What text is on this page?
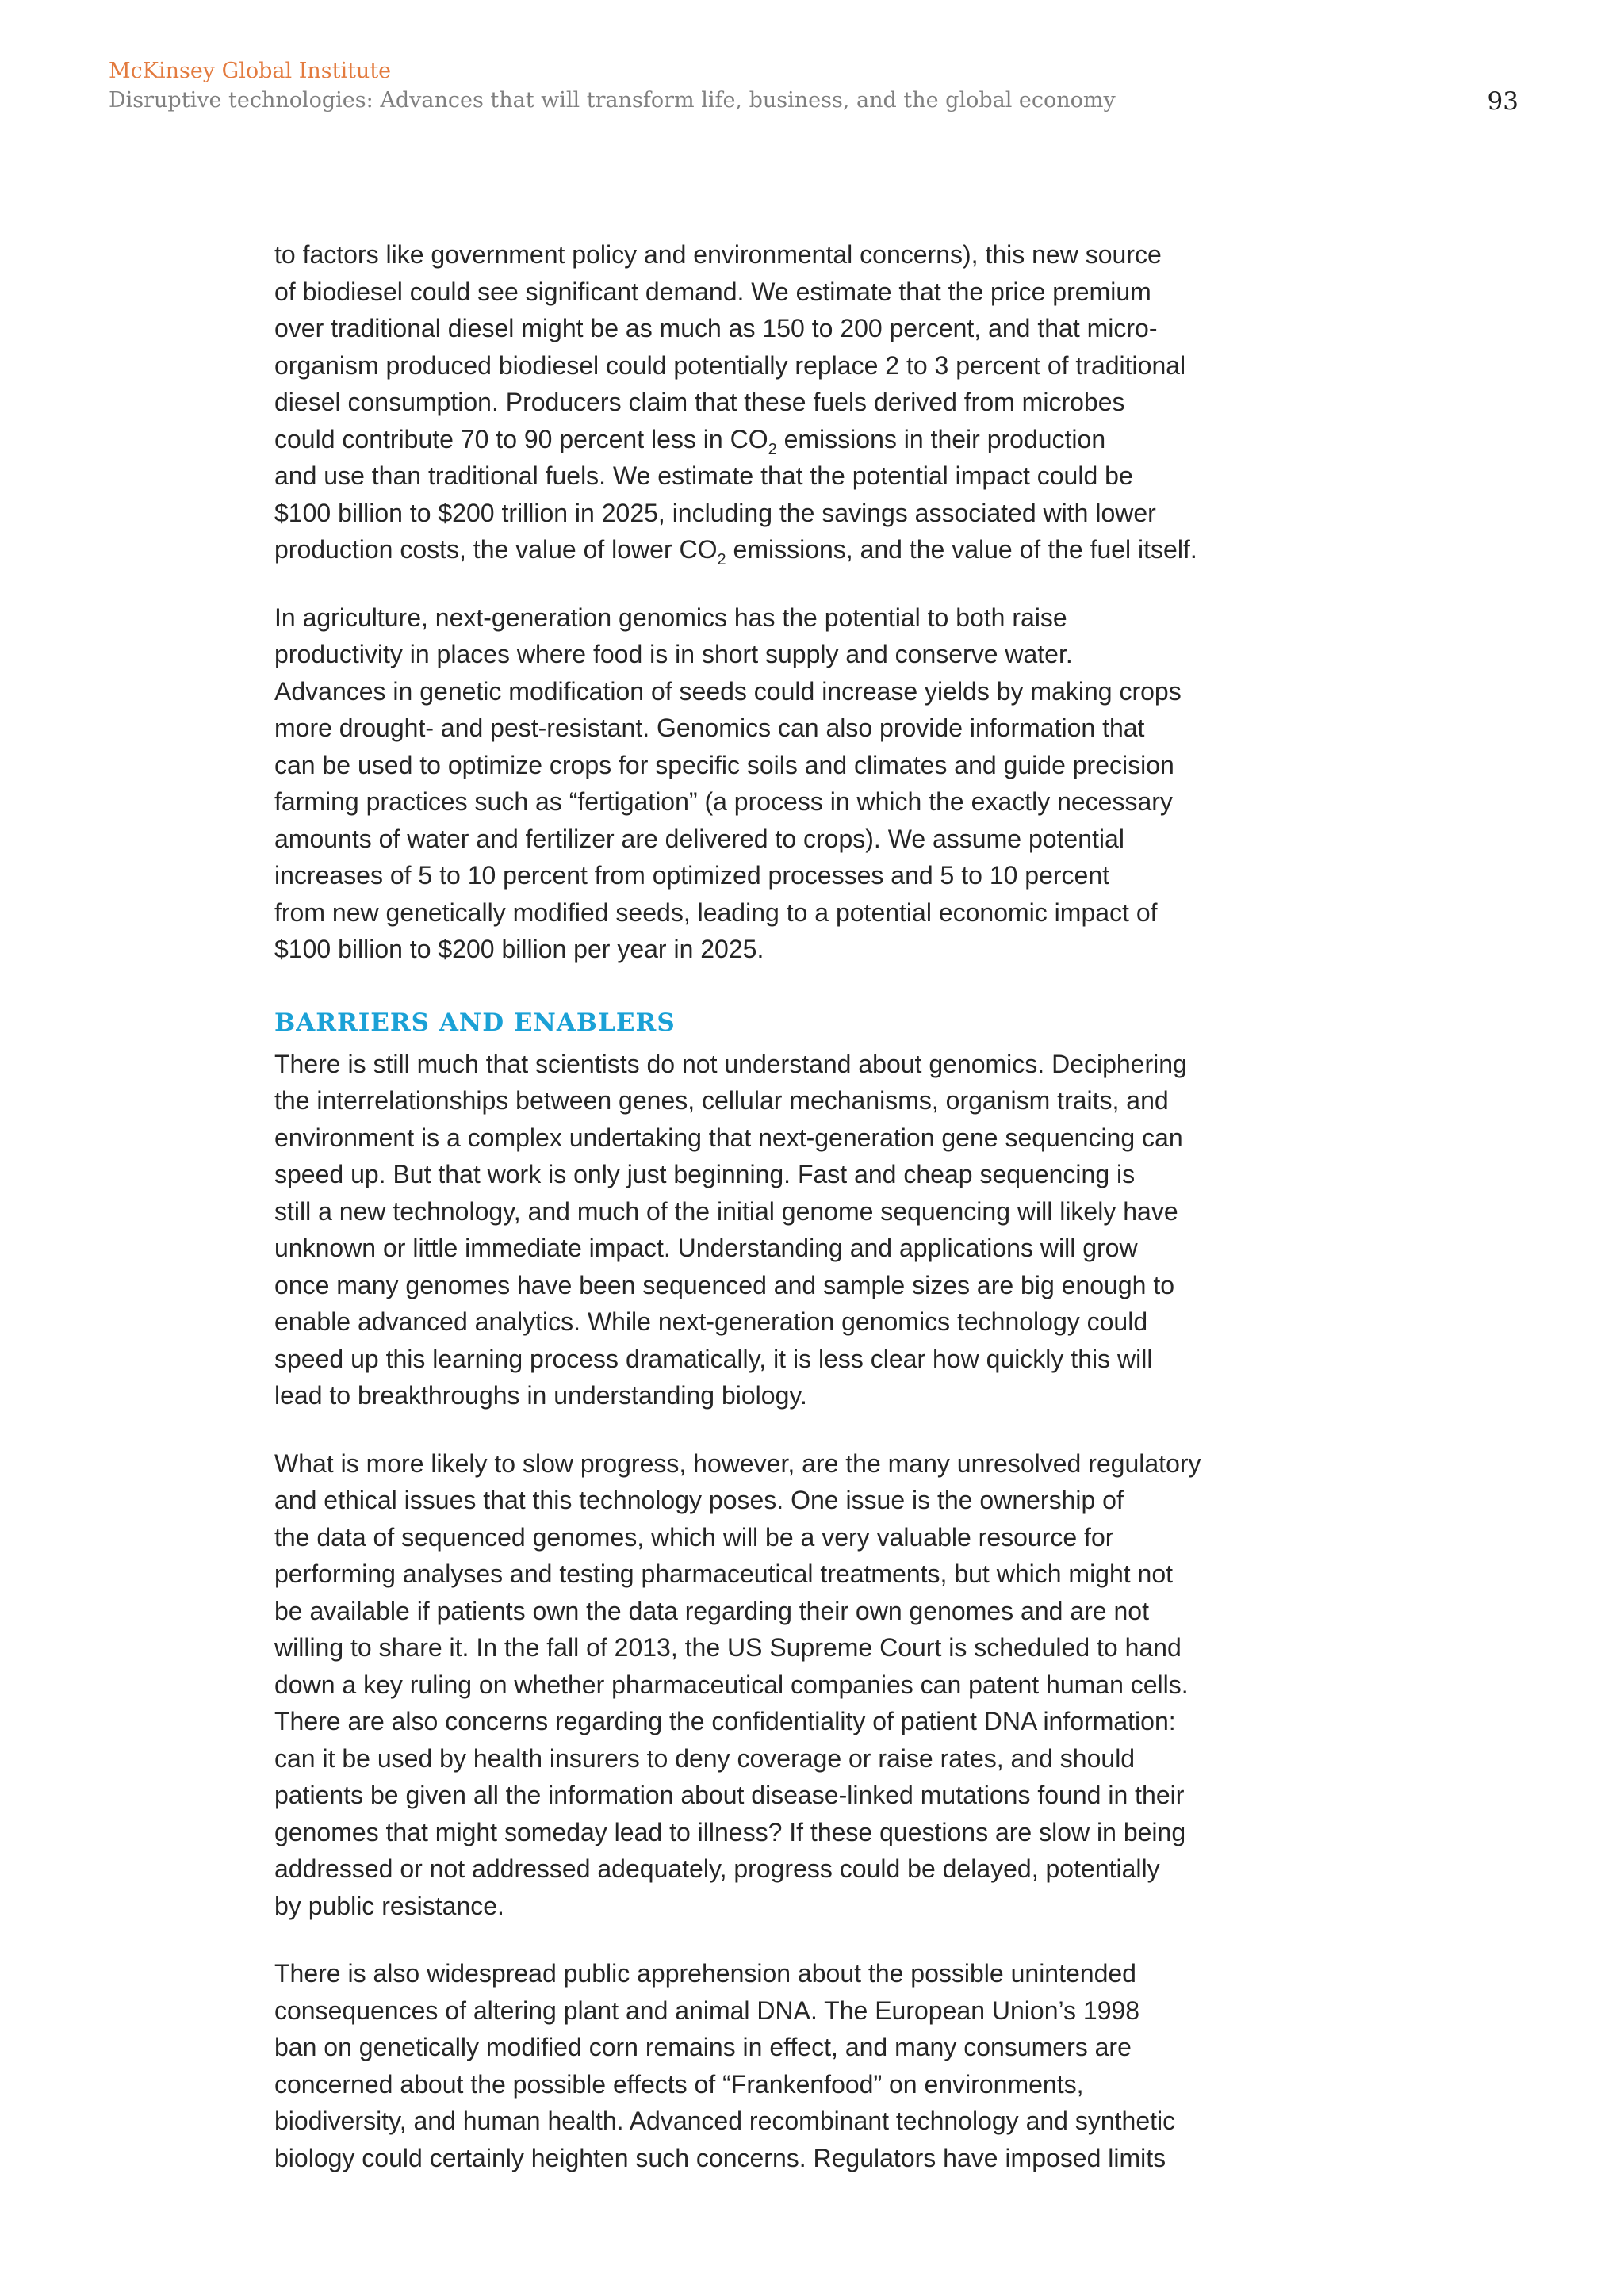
McKinsey Global Institute
Disruptive technologies: Advances that will transform life, business, and the global economy	93
to factors like government policy and environmental concerns), this new source
of biodiesel could see significant demand. We estimate that the price premium
over traditional diesel might be as much as 150 to 200 percent, and that micro-
organism produced biodiesel could potentially replace 2 to 3 percent of traditional
diesel consumption. Producers claim that these fuels derived from microbes
could contribute 70 to 90 percent less in $CO_2$ emissions in their production
and use than traditional fuels. We estimate that the potential impact could be
$100 billion to $200 trillion in 2025, including the savings associated with lower
production costs, the value of lower $CO_2$ emissions, and the value of the fuel itself.
In agriculture, next-generation genomics has the potential to both raise
productivity in places where food is in short supply and conserve water.
Advances in genetic modification of seeds could increase yields by making crops
more drought- and pest-resistant. Genomics can also provide information that
can be used to optimize crops for specific soils and climates and guide precision
farming practices such as “fertigation” (a process in which the exactly necessary
amounts of water and fertilizer are delivered to crops). We assume potential
increases of 5 to 10 percent from optimized processes and 5 to 10 percent
from new genetically modified seeds, leading to a potential economic impact of
$100 billion to $200 billion per year in 2025.
BARRIERS AND ENABLERS
There is still much that scientists do not understand about genomics. Deciphering
the interrelationships between genes, cellular mechanisms, organism traits, and
environment is a complex undertaking that next-generation gene sequencing can
speed up. But that work is only just beginning. Fast and cheap sequencing is
still a new technology, and much of the initial genome sequencing will likely have
unknown or little immediate impact. Understanding and applications will grow
once many genomes have been sequenced and sample sizes are big enough to
enable advanced analytics. While next-generation genomics technology could
speed up this learning process dramatically, it is less clear how quickly this will
lead to breakthroughs in understanding biology.
What is more likely to slow progress, however, are the many unresolved regulatory
and ethical issues that this technology poses. One issue is the ownership of
the data of sequenced genomes, which will be a very valuable resource for
performing analyses and testing pharmaceutical treatments, but which might not
be available if patients own the data regarding their own genomes and are not
willing to share it. In the fall of 2013, the US Supreme Court is scheduled to hand
down a key ruling on whether pharmaceutical companies can patent human cells.
There are also concerns regarding the confidentiality of patient DNA information:
can it be used by health insurers to deny coverage or raise rates, and should
patients be given all the information about disease-linked mutations found in their
genomes that might someday lead to illness? If these questions are slow in being
addressed or not addressed adequately, progress could be delayed, potentially
by public resistance.
There is also widespread public apprehension about the possible unintended
consequences of altering plant and animal DNA. The European Union’s 1998
ban on genetically modified corn remains in effect, and many consumers are
concerned about the possible effects of “Frankenfood” on environments,
biodiversity, and human health. Advanced recombinant technology and synthetic
biology could certainly heighten such concerns. Regulators have imposed limits
